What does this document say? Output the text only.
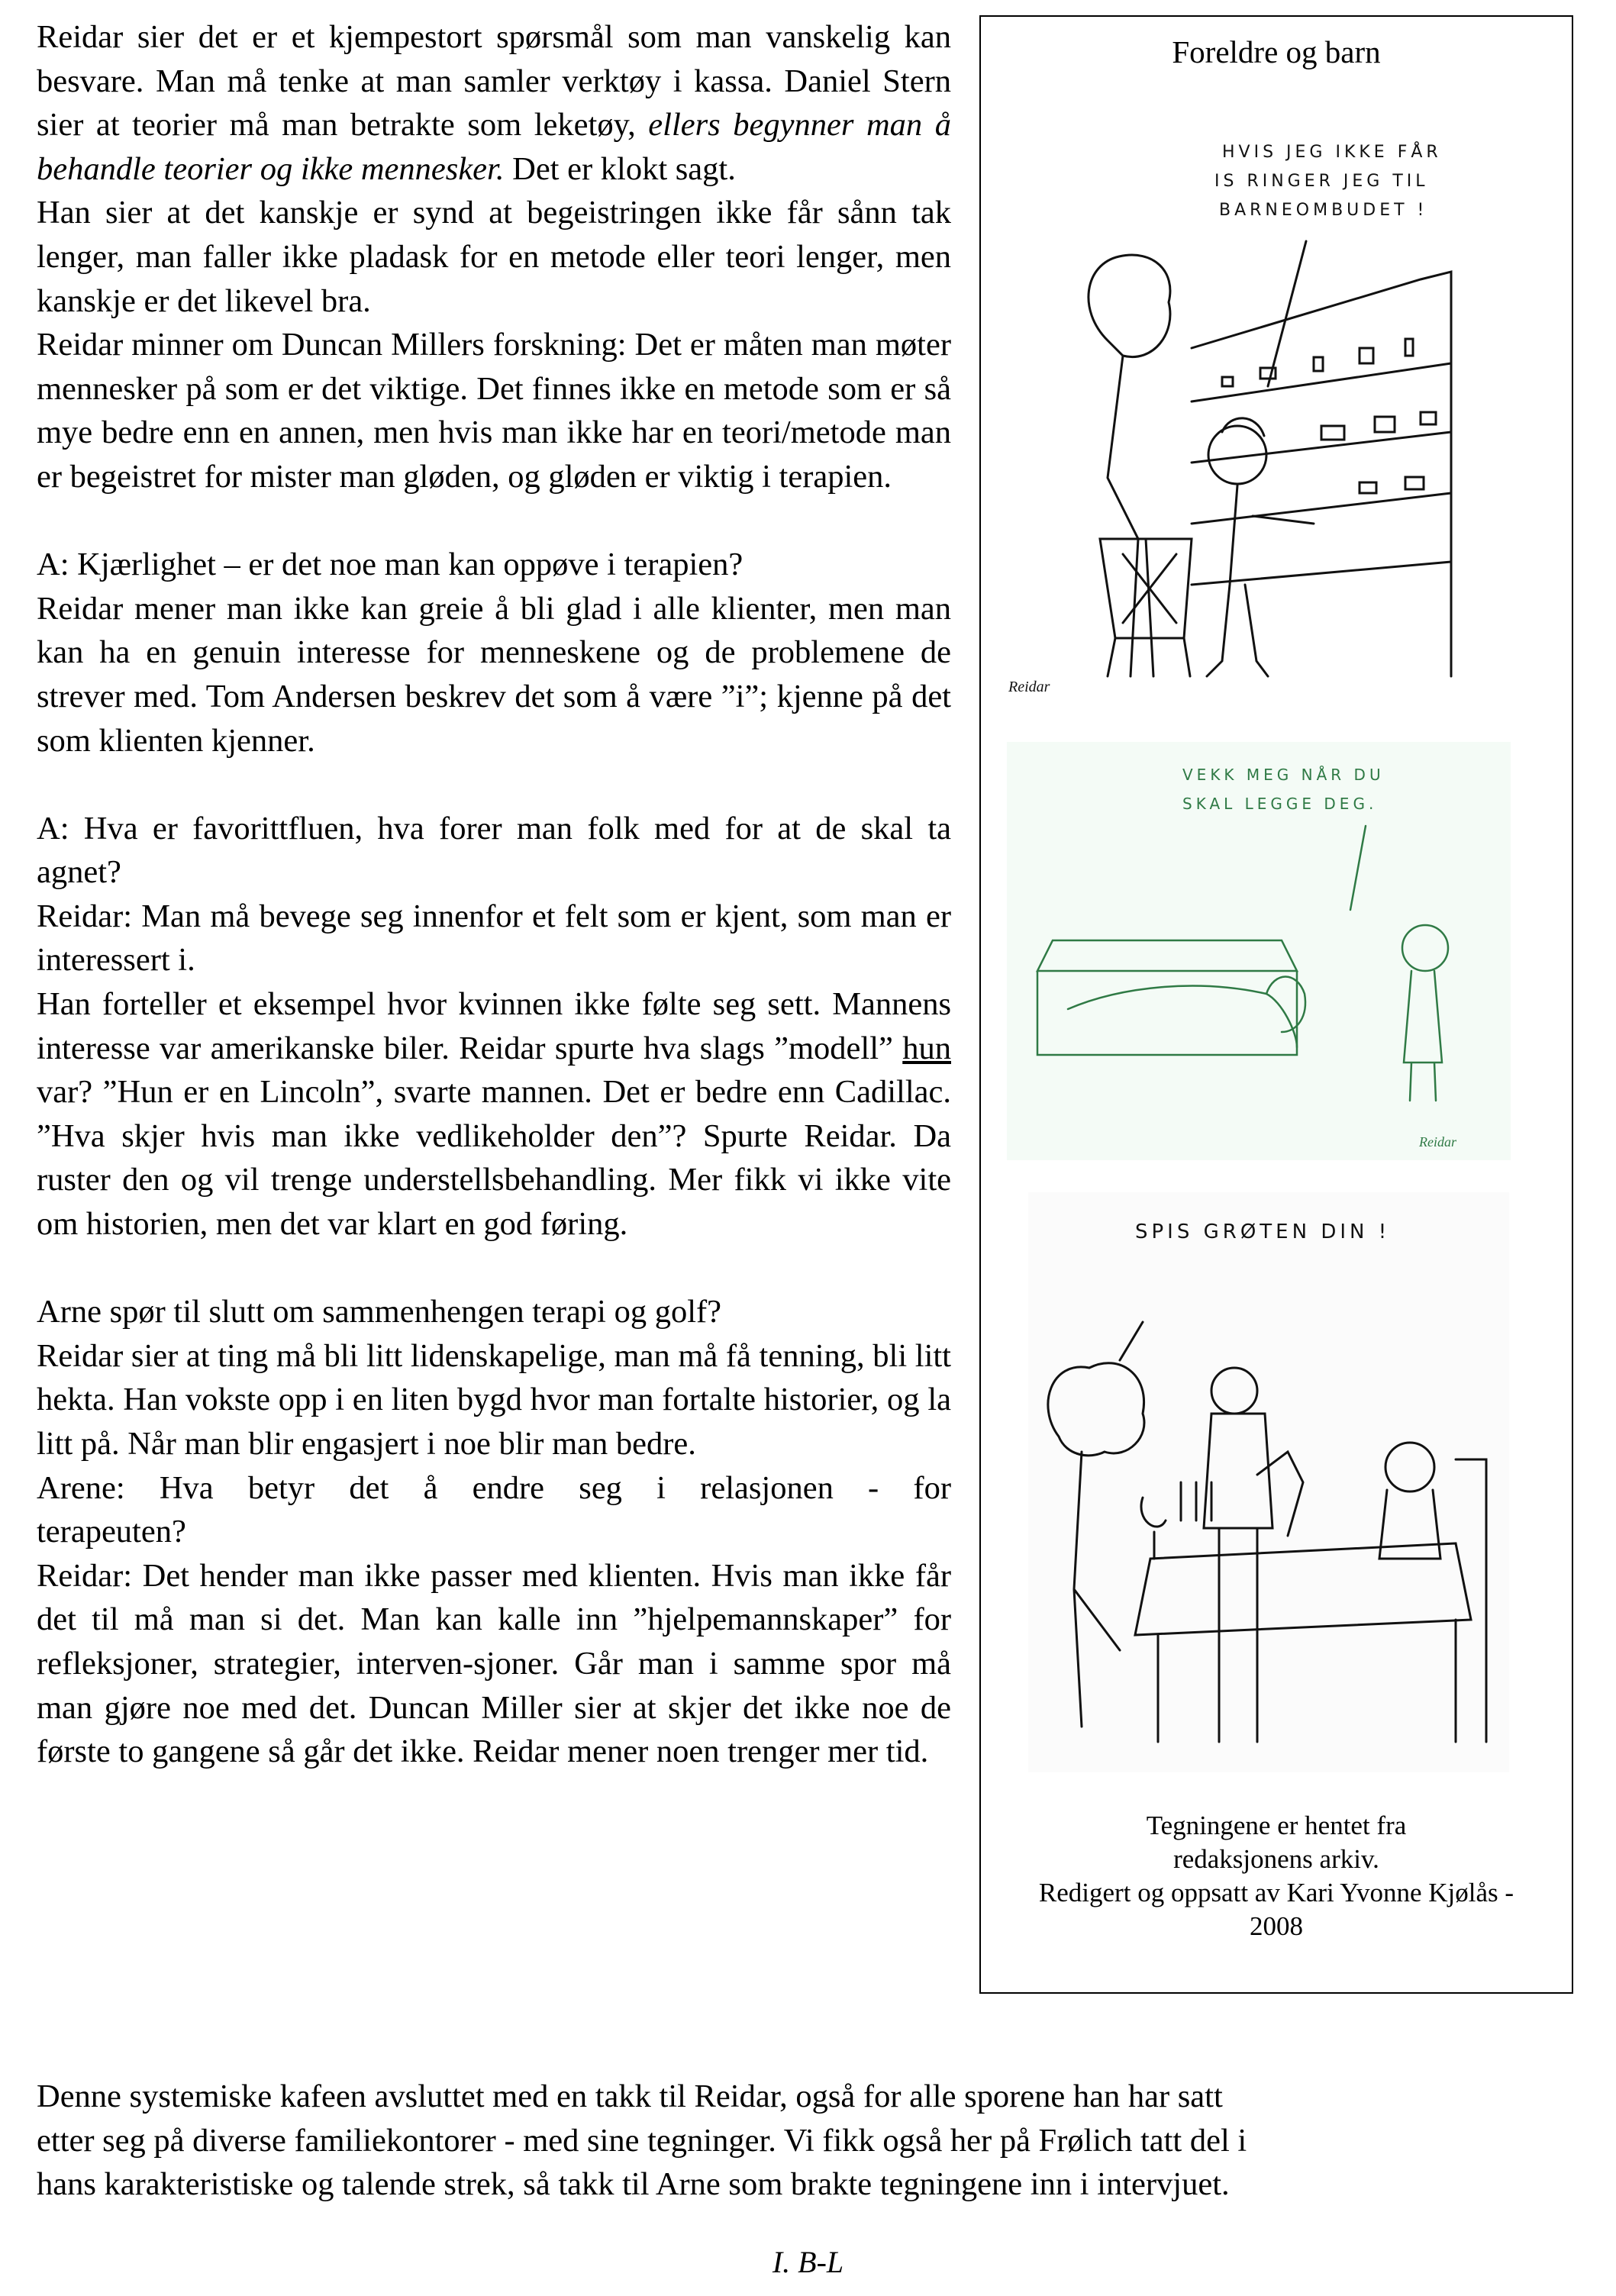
Reidar sier det er et kjempestort spørsmål som man vanskelig kan besvare. Man må tenke at man samler verktøy i kassa. Daniel Stern sier at teorier må man betrakte som leketøy, ellers begynner man å behandle teorier og ikke mennesker. Det er klokt sagt.

Han sier at det kanskje er synd at begeistringen ikke får sånn tak lenger, man faller ikke pladask for en metode eller teori lenger, men kanskje er det likevel bra.

Reidar minner om Duncan Millers forskning: Det er måten man møter mennesker på som er det viktige. Det finnes ikke en metode som er så mye bedre enn en annen, men hvis man ikke har en teori/metode man er begeistret for mister man gløden, og gløden er viktig i terapien.

A: Kjærlighet – er det noe man kan oppøve i terapien?

Reidar mener man ikke kan greie å bli glad i alle klienter, men man kan ha en genuin interesse for menneskene og de problemene de strever med. Tom Andersen beskrev det som å være ”i”; kjenne på det som klienten kjenner.

A: Hva er favorittfluen, hva forer man folk med for at de skal ta agnet?

Reidar: Man må bevege seg innenfor et felt som er kjent, som man er interessert i.

Han forteller et eksempel hvor kvinnen ikke følte seg sett. Mannens interesse var amerikanske biler. Reidar spurte hva slags ”modell” hun var? ”Hun er en Lincoln”, svarte mannen. Det er bedre enn Cadillac. ”Hva skjer hvis man ikke vedlikeholder den”? Spurte Reidar. Da ruster den og vil trenge understellsbehandling. Mer fikk vi ikke vite om historien, men det var klart en god føring.

Arne spør til slutt om sammenhengen terapi og golf?

Reidar sier at ting må bli litt lidenskapelige, man må få tenning, bli litt hekta. Han vokste opp i en liten bygd hvor man fortalte historier, og la litt på. Når man blir engasjert i noe blir man bedre.

Arene: Hva betyr det å endre seg i relasjonen - for

terapeuten?

Reidar: Det hender man ikke passer med klienten. Hvis man ikke får det til må man si det. Man kan kalle inn ”hjelpemannskaper” for refleksjoner, strategier, interven-sjoner. Går man i samme spor må man gjøre noe med det. Duncan Miller sier at skjer det ikke noe de første to gangene så går det ikke. Reidar mener noen trenger mer tid.

Foreldre og barn
HVIS JEG IKKE FÅR
IS RINGER JEG TIL
BARNEOMBUDET !
Reidar
VEKK MEG NÅR DU
SKAL LEGGE DEG.
Reidar
SPIS GRØTEN DIN !
Tegningene er hentet fra
redaksjonens arkiv.
Redigert og oppsatt av Kari Yvonne Kjølås -
2008
Denne systemiske kafeen avsluttet med en takk til Reidar, også for alle sporene han har satt
etter seg på diverse familiekontorer - med sine tegninger. Vi fikk også her på Frølich tatt del i
hans karakteristiske og talende strek, så takk til Arne som brakte tegningene inn i intervjuet.
I. B-L
